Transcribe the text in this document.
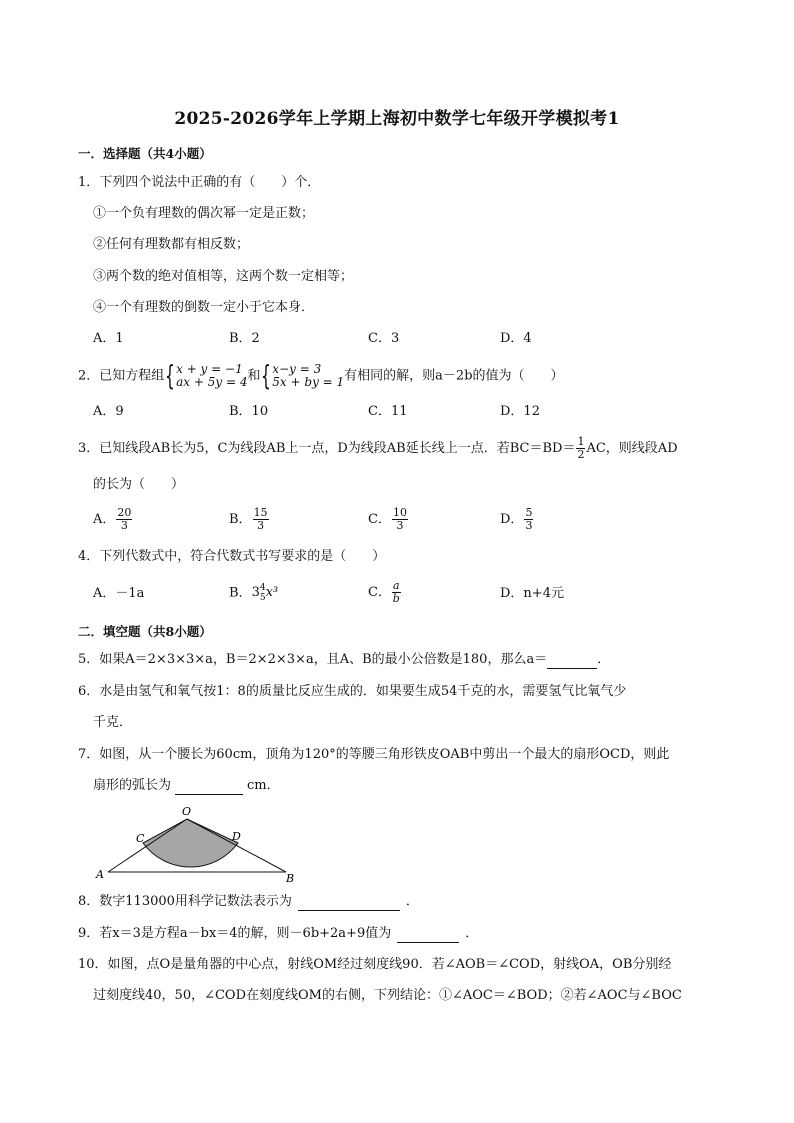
2025-2026学年上学期上海初中数学七年级开学模拟考1
一．选择题（共4小题）
1．下列四个说法中正确的有（　　）个．
①一个负有理数的偶次幂一定是正数；
②任何有理数都有相反数；
③两个数的绝对值相等，这两个数一定相等；
④一个有理数的倒数一定小于它本身．
A．1	B．2	C．3	D．4
2．已知方程组 { x + y = −1
ax + 5y = 4 和 { x−y = 3
5x + by = 1 有相同的解，则a－2b的值为（　　）
A．9	B．10	C．11	D．12
3．已知线段AB长为5，C为线段AB上一点，D为线段AB延长线上一点．若$BC=BD= \frac{1}{2}$ AC，则线段AD
的长为（　　）
A． $\frac{20}{3}$	B． $\frac{15}{3}$	C． $\frac{10}{3}$	D． $\frac{5}{3}$
4．下列代数式中，符合代数式书写要求的是（　　）
A．－1a	B． 3 4
5 x³	C． $\frac{a}{b}$	D．n+4元
二．填空题（共8小题）
5．如果A＝2×3×3×a，B＝2×2×3×a，且A、B的最小公倍数是180，那么a＝	．
6．水是由氢气和氧气按1：8的质量比反应生成的．如果要生成54千克的水，需要氢气比氧气少
千克．
7．如图，从一个腰长为60cm，顶角为120°的等腰三角形铁皮OAB中剪出一个最大的扇形OCD，则此
扇形的弧长为	cm．
O
A	B
C	D
8．数字113000用科学记数法表示为	．
9．若x＝3是方程a－bx＝4的解，则－6b+2a+9值为	．
10．如图，点O是量角器的中心点，射线OM经过刻度线90．若∠AOB＝∠COD，射线OA，OB分别经
过刻度线40，50，∠COD在刻度线OM的右侧，下列结论：①∠AOC＝∠BOD；②若∠AOC与∠BOC
